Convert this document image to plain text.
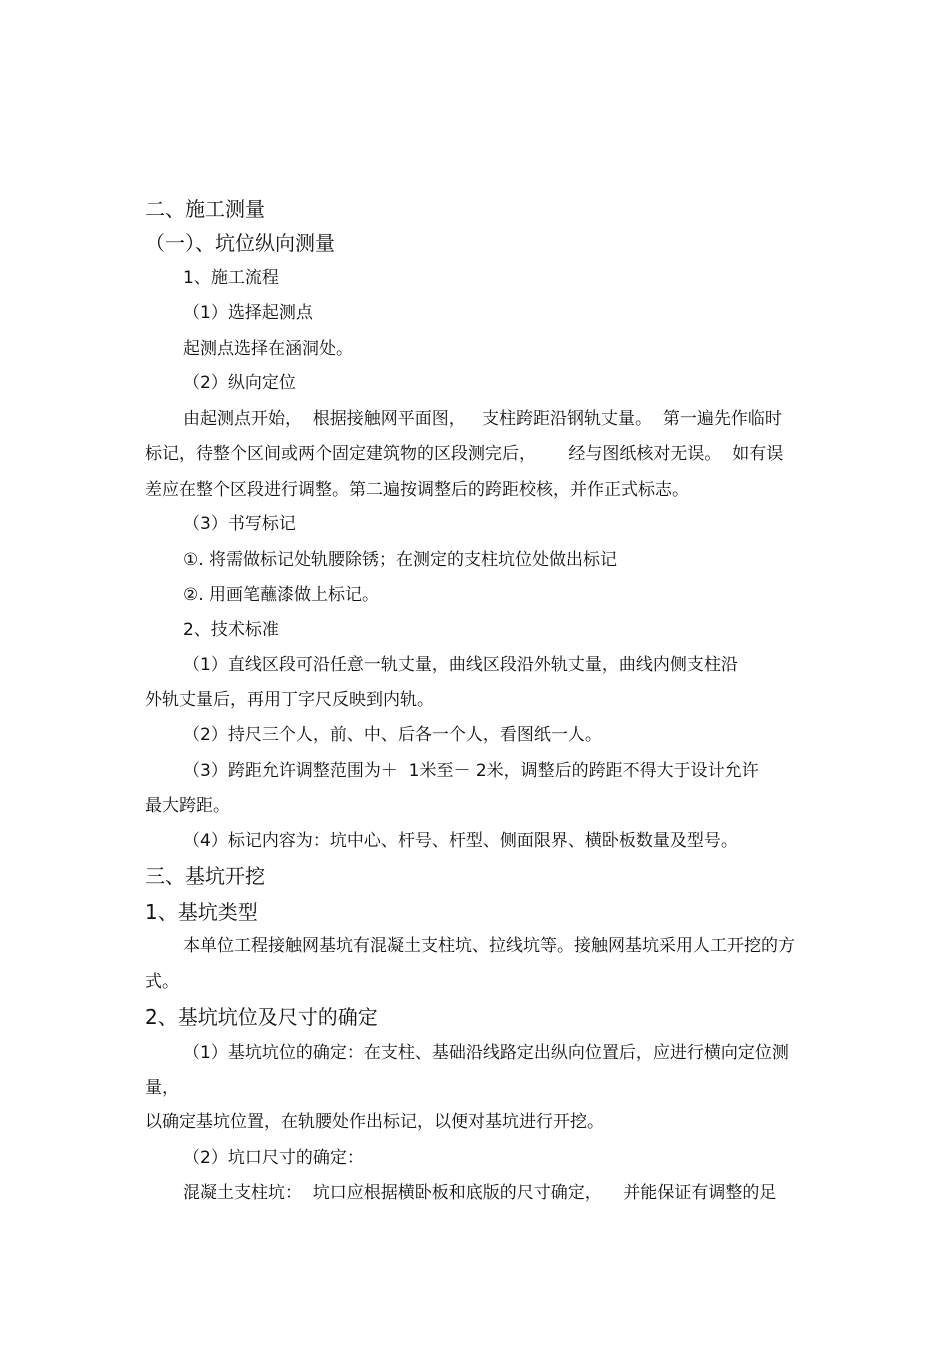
二、施工测量
（一）、坑位纵向测量
1、施工流程
（1）选择起测点
起测点选择在涵洞处。
（2）纵向定位
由起测点开始，  根据接触网平面图，   支柱跨距沿钢轨丈量。  第一遍先作临时
标记，待整个区间或两个固定建筑物的区段测完后，      经与图纸核对无误。  如有误
差应在整个区段进行调整。第二遍按调整后的跨距校核，并作正式标志。
（3）书写标记
①. 将需做标记处轨腰除锈；在测定的支柱坑位处做出标记
②. 用画笔蘸漆做上标记。
2、技术标准
（1）直线区段可沿任意一轨丈量，曲线区段沿外轨丈量，曲线内侧支柱沿
外轨丈量后，再用丁字尺反映到内轨。
（2）持尺三个人，前、中、后各一个人，看图纸一人。
（3）跨距允许调整范围为＋  1米至－ 2米，调整后的跨距不得大于设计允许
最大跨距。
（4）标记内容为：坑中心、杆号、杆型、侧面限界、横卧板数量及型号。
三、基坑开挖
1、基坑类型
本单位工程接触网基坑有混凝土支柱坑、拉线坑等。接触网基坑采用人工开挖的方
式。
2、基坑坑位及尺寸的确定
（1）基坑坑位的确定：在支柱、基础沿线路定出纵向位置后，应进行横向定位测
量，
以确定基坑位置，在轨腰处作出标记，以便对基坑进行开挖。
（2）坑口尺寸的确定：
混凝土支柱坑：  坑口应根据横卧板和底版的尺寸确定，    并能保证有调整的足
